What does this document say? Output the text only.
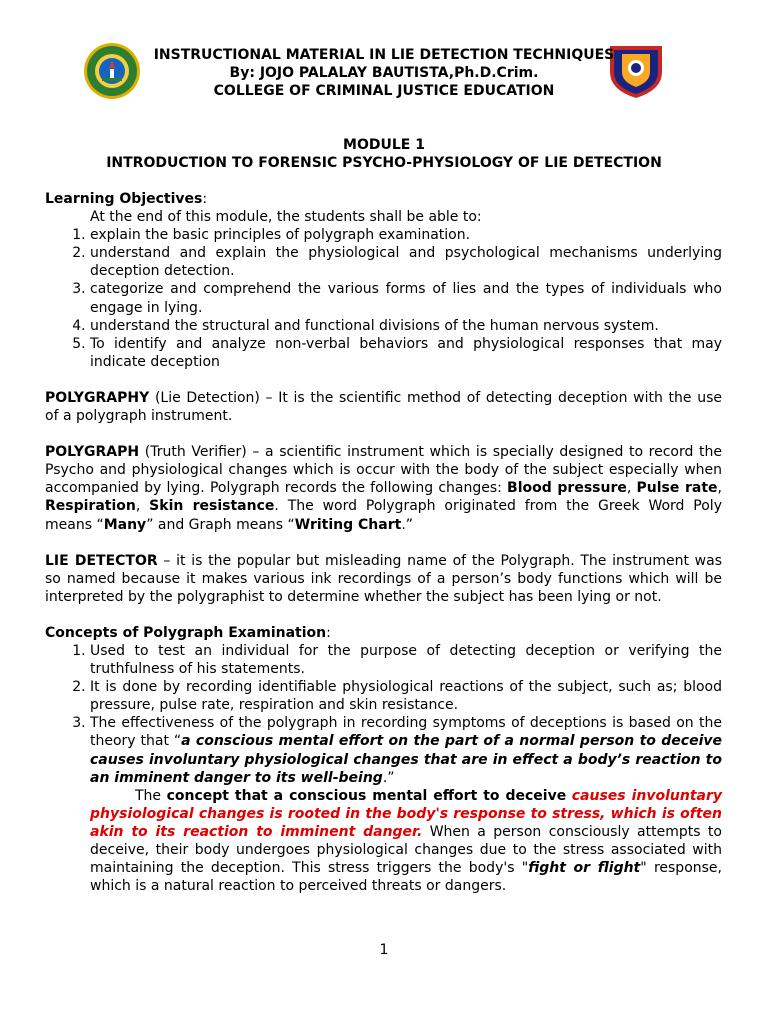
INSTRUCTIONAL MATERIAL IN LIE DETECTION TECHNIQUES
By: JOJO PALALAY BAUTISTA,Ph.D.Crim.
COLLEGE OF CRIMINAL JUSTICE EDUCATION
MODULE 1
INTRODUCTION TO FORENSIC PSYCHO-PHYSIOLOGY OF LIE DETECTION

Learning Objectives:

At the end of this module, the students shall be able to:

1. explain the basic principles of polygraph examination.
2. understand and explain the physiological and psychological mechanisms underlying deception detection.
3. categorize and comprehend the various forms of lies and the types of individuals who engage in lying.
4. understand the structural and functional divisions of the human nervous system.
5. To identify and analyze non-verbal behaviors and physiological responses that may indicate deception

POLYGRAPHY (Lie Detection) – It is the scientific method of detecting deception with the use of a polygraph instrument.

POLYGRAPH (Truth Verifier) – a scientific instrument which is specially designed to record the Psycho and physiological changes which is occur with the body of the subject especially when accompanied by lying. Polygraph records the following changes: Blood pressure, Pulse rate, Respiration, Skin resistance. The word Polygraph originated from the Greek Word Poly means “Many” and Graph means “Writing Chart.”

LIE DETECTOR – it is the popular but misleading name of the Polygraph. The instrument was so named because it makes various ink recordings of a person’s body functions which will be interpreted by the polygraphist to determine whether the subject has been lying or not.

Concepts of Polygraph Examination:

1. Used to test an individual for the purpose of detecting deception or verifying the truthfulness of his statements.
2. It is done by recording identifiable physiological reactions of the subject, such as; blood pressure, pulse rate, respiration and skin resistance.
3. The effectiveness of the polygraph in recording symptoms of deceptions is based on the theory that “a conscious mental effort on the part of a normal person to deceive causes involuntary physiological changes that are in effect a body’s reaction to an imminent danger to its well-being.”

The concept that a conscious mental effort to deceive causes involuntary physiological changes is rooted in the body's response to stress, which is often akin to its reaction to imminent danger. When a person consciously attempts to deceive, their body undergoes physiological changes due to the stress associated with maintaining the deception. This stress triggers the body's "fight or flight" response, which is a natural reaction to perceived threats or dangers.

1
